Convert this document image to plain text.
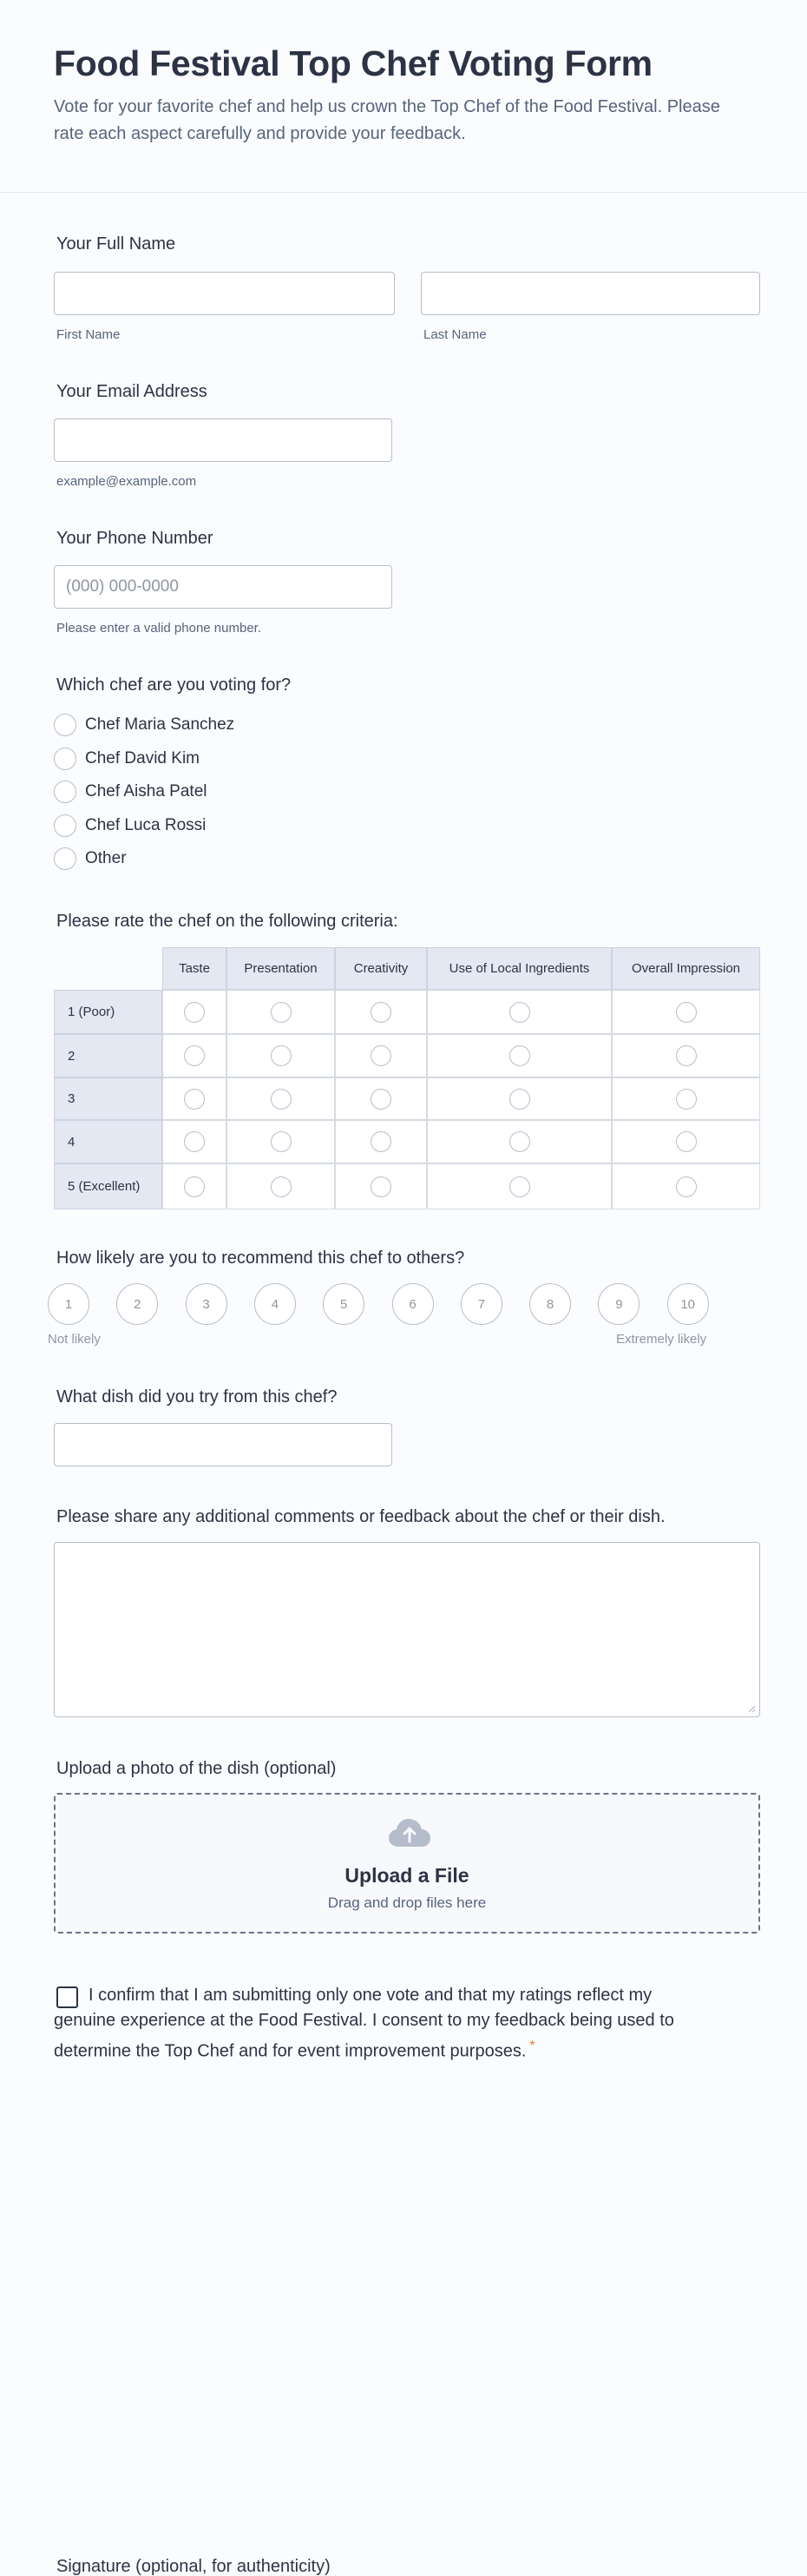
Food Festival Top Chef Voting Form
Vote for your favorite chef and help us crown the Top Chef of the Food Festival. Please rate each aspect carefully and provide your feedback.
Your Full Name
First Name	Last Name
Your Email Address
example@example.com
Your Phone Number
(000) 000-0000
Please enter a valid phone number.
Which chef are you voting for?
Chef Maria Sanchez
Chef David Kim
Chef Aisha Patel
Chef Luca Rossi
Other
Please rate the chef on the following criteria:
Taste	Presentation	Creativity	Use of Local Ingredients	Overall Impression
1 (Poor)
2
3
4
5 (Excellent)
How likely are you to recommend this chef to others?
1	2	3	4	5	6	7	8	9	10
Not likely	Extremely likely
What dish did you try from this chef?
Please share any additional comments or feedback about the chef or their dish.
Upload a photo of the dish (optional)
Upload a File
Drag and drop files here
I confirm that I am submitting only one vote and that my ratings reflect my genuine experience at the Food Festival. I consent to my feedback being used to determine the Top Chef and for event improvement purposes. *
Signature (optional, for authenticity)
